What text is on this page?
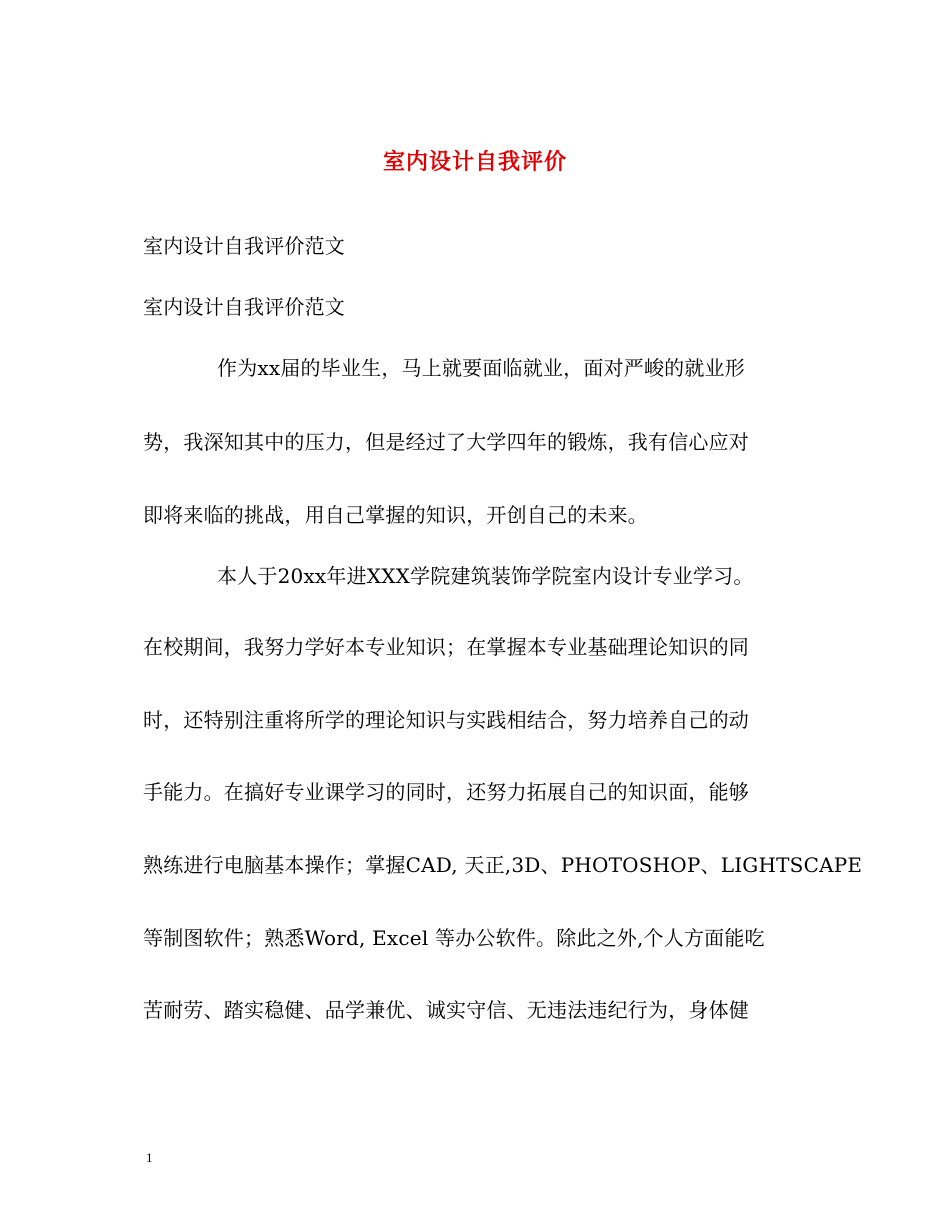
室内设计自我评价
室内设计自我评价范文
室内设计自我评价范文
作为xx届的毕业生，马上就要面临就业，面对严峻的就业形
势，我深知其中的压力，但是经过了大学四年的锻炼，我有信心应对
即将来临的挑战，用自己掌握的知识，开创自己的未来。
本人于20xx年进XXX学院建筑装饰学院室内设计专业学习。
在校期间，我努力学好本专业知识；在掌握本专业基础理论知识的同
时，还特别注重将所学的理论知识与实践相结合，努力培养自己的动
手能力。在搞好专业课学习的同时，还努力拓展自己的知识面，能够
熟练进行电脑基本操作；掌握CAD, 天正,3D、PHOTOSHOP、LIGHTSCAPE
等制图软件；熟悉Word, Excel 等办公软件。除此之外,个人方面能吃
苦耐劳、踏实稳健、品学兼优、诚实守信、无违法违纪行为，身体健
1
